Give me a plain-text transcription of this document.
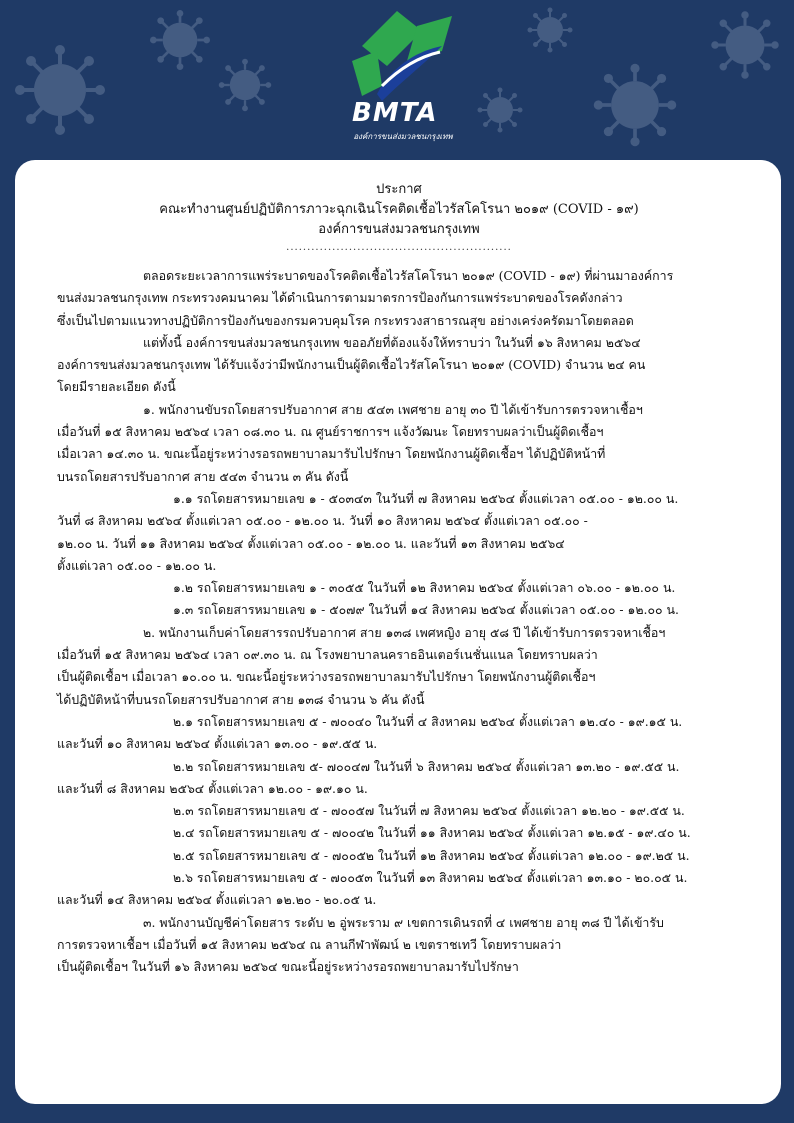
BMTA
องค์การขนส่งมวลชนกรุงเทพ
ประกาศ
คณะทำงานศูนย์ปฏิบัติการภาวะฉุกเฉินโรคติดเชื้อไวรัสโคโรนา ๒๐๑๙ (COVID - ๑๙)
องค์การขนส่งมวลชนกรุงเทพ
......................................................
ตลอดระยะเวลาการแพร่ระบาดของโรคติดเชื้อไวรัสโคโรนา ๒๐๑๙ (COVID - ๑๙) ที่ผ่านมาองค์การ
ขนส่งมวลชนกรุงเทพ กระทรวงคมนาคม ได้ดำเนินการตามมาตรการป้องกันการแพร่ระบาดของโรคดังกล่าว
ซึ่งเป็นไปตามแนวทางปฏิบัติการป้องกันของกรมควบคุมโรค กระทรวงสาธารณสุข อย่างเคร่งครัดมาโดยตลอด
แต่ทั้งนี้ องค์การขนส่งมวลชนกรุงเทพ ขออภัยที่ต้องแจ้งให้ทราบว่า ในวันที่ ๑๖ สิงหาคม ๒๕๖๔
องค์การขนส่งมวลชนกรุงเทพ ได้รับแจ้งว่ามีพนักงานเป็นผู้ติดเชื้อไวรัสโคโรนา ๒๐๑๙ (COVID) จำนวน ๒๔ คน
โดยมีรายละเอียด ดังนี้
๑. พนักงานขับรถโดยสารปรับอากาศ สาย ๕๔๓ เพศชาย อายุ ๓๐ ปี ได้เข้ารับการตรวจหาเชื้อฯ
เมื่อวันที่ ๑๕ สิงหาคม ๒๕๖๔ เวลา ๐๘.๓๐ น. ณ ศูนย์ราชการฯ แจ้งวัฒนะ โดยทราบผลว่าเป็นผู้ติดเชื้อฯ
เมื่อเวลา ๑๔.๓๐ น. ขณะนี้อยู่ระหว่างรอรถพยาบาลมารับไปรักษา โดยพนักงานผู้ติดเชื้อฯ ได้ปฏิบัติหน้าที่
บนรถโดยสารปรับอากาศ สาย ๕๔๓ จำนวน ๓ คัน ดังนี้
๑.๑ รถโดยสารหมายเลข ๑ - ๕๐๓๔๓ ในวันที่ ๗ สิงหาคม ๒๕๖๔ ตั้งแต่เวลา ๐๕.๐๐ - ๑๒.๐๐ น.
วันที่ ๘ สิงหาคม ๒๕๖๔ ตั้งแต่เวลา ๐๕.๐๐ - ๑๒.๐๐ น. วันที่ ๑๐ สิงหาคม ๒๕๖๔ ตั้งแต่เวลา ๐๕.๐๐ -
๑๒.๐๐ น. วันที่ ๑๑ สิงหาคม ๒๕๖๔ ตั้งแต่เวลา ๐๕.๐๐ - ๑๒.๐๐ น. และวันที่ ๑๓ สิงหาคม ๒๕๖๔
ตั้งแต่เวลา ๐๕.๐๐ - ๑๒.๐๐ น.
๑.๒ รถโดยสารหมายเลข ๑ - ๓๐๕๕ ในวันที่ ๑๒ สิงหาคม ๒๕๖๔ ตั้งแต่เวลา ๐๖.๐๐ - ๑๒.๐๐ น.
๑.๓ รถโดยสารหมายเลข ๑ - ๕๐๗๙ ในวันที่ ๑๔ สิงหาคม ๒๕๖๔ ตั้งแต่เวลา ๐๕.๐๐ - ๑๒.๐๐ น.
๒. พนักงานเก็บค่าโดยสารรถปรับอากาศ สาย ๑๓๘ เพศหญิง อายุ ๕๘ ปี ได้เข้ารับการตรวจหาเชื้อฯ
เมื่อวันที่ ๑๕ สิงหาคม ๒๕๖๔ เวลา ๐๙.๓๐ น. ณ โรงพยาบาลนคราธอินเตอร์เนชั่นแนล โดยทราบผลว่า
เป็นผู้ติดเชื้อฯ เมื่อเวลา ๑๐.๐๐ น. ขณะนี้อยู่ระหว่างรอรถพยาบาลมารับไปรักษา โดยพนักงานผู้ติดเชื้อฯ
ได้ปฏิบัติหน้าที่บนรถโดยสารปรับอากาศ สาย ๑๓๘ จำนวน ๖ คัน ดังนี้
๒.๑ รถโดยสารหมายเลข ๕ - ๗๐๐๔๐ ในวันที่ ๔ สิงหาคม ๒๕๖๔ ตั้งแต่เวลา ๑๒.๔๐ - ๑๙.๑๕ น.
และวันที่ ๑๐ สิงหาคม ๒๕๖๔ ตั้งแต่เวลา ๑๓.๐๐ - ๑๙.๕๕ น.
๒.๒ รถโดยสารหมายเลข ๕- ๗๐๐๔๗ ในวันที่ ๖ สิงหาคม ๒๕๖๔ ตั้งแต่เวลา ๑๓.๒๐ - ๑๙.๕๕ น.
และวันที่ ๘ สิงหาคม ๒๕๖๔ ตั้งแต่เวลา ๑๒.๐๐ - ๑๙.๑๐ น.
๒.๓ รถโดยสารหมายเลข ๕ - ๗๐๐๕๗ ในวันที่ ๗ สิงหาคม ๒๕๖๔ ตั้งแต่เวลา ๑๒.๒๐ - ๑๙.๕๕ น.
๒.๔ รถโดยสารหมายเลข ๕ - ๗๐๐๔๒ ในวันที่ ๑๑ สิงหาคม ๒๕๖๔ ตั้งแต่เวลา ๑๒.๑๕ - ๑๙.๔๐ น.
๒.๕ รถโดยสารหมายเลข ๕ - ๗๐๐๕๒ ในวันที่ ๑๒ สิงหาคม ๒๕๖๔ ตั้งแต่เวลา ๑๒.๐๐ - ๑๙.๒๕ น.
๒.๖ รถโดยสารหมายเลข ๕ - ๗๐๐๕๓ ในวันที่ ๑๓ สิงหาคม ๒๕๖๔ ตั้งแต่เวลา ๑๓.๑๐ - ๒๐.๐๕ น.
และวันที่ ๑๔ สิงหาคม ๒๕๖๔ ตั้งแต่เวลา ๑๒.๒๐ - ๒๐.๐๕ น.
๓. พนักงานบัญชีค่าโดยสาร ระดับ ๒ อู่พระราม ๙ เขตการเดินรถที่ ๔ เพศชาย อายุ ๓๘ ปี ได้เข้ารับ
การตรวจหาเชื้อฯ เมื่อวันที่ ๑๕ สิงหาคม ๒๕๖๔ ณ ลานกีฬาพัฒน์ ๒ เขตราชเทวี โดยทราบผลว่า
เป็นผู้ติดเชื้อฯ ในวันที่ ๑๖ สิงหาคม ๒๕๖๔ ขณะนี้อยู่ระหว่างรอรถพยาบาลมารับไปรักษา
